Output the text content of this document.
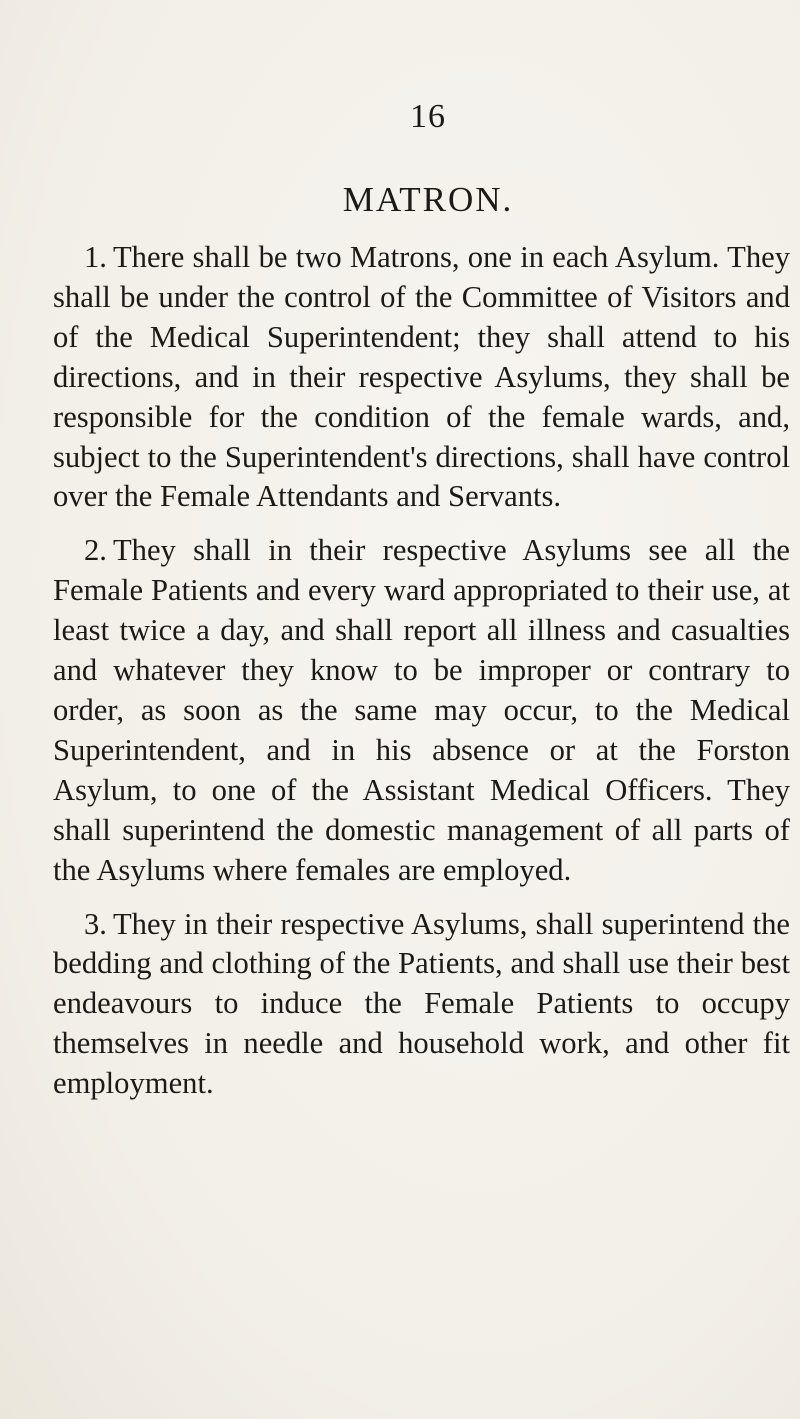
16
MATRON.

1. There shall be two Matrons, one in each Asylum. They shall be under the control of the Committee of Visitors and of the Medical Superintendent; they shall attend to his directions, and in their respective Asylums, they shall be responsible for the condition of the female wards, and, subject to the Superintendent's directions, shall have control over the Female Attendants and Servants.

2. They shall in their respective Asylums see all the Female Patients and every ward appropriated to their use, at least twice a day, and shall report all illness and casualties and whatever they know to be improper or contrary to order, as soon as the same may occur, to the Medical Superintendent, and in his absence or at the Forston Asylum, to one of the Assistant Medical Officers. They shall superintend the domestic management of all parts of the Asylums where females are employed.

3. They in their respective Asylums, shall superintend the bedding and clothing of the Patients, and shall use their best endeavours to induce the Female Patients to occupy themselves in needle and household work, and other fit employment.
